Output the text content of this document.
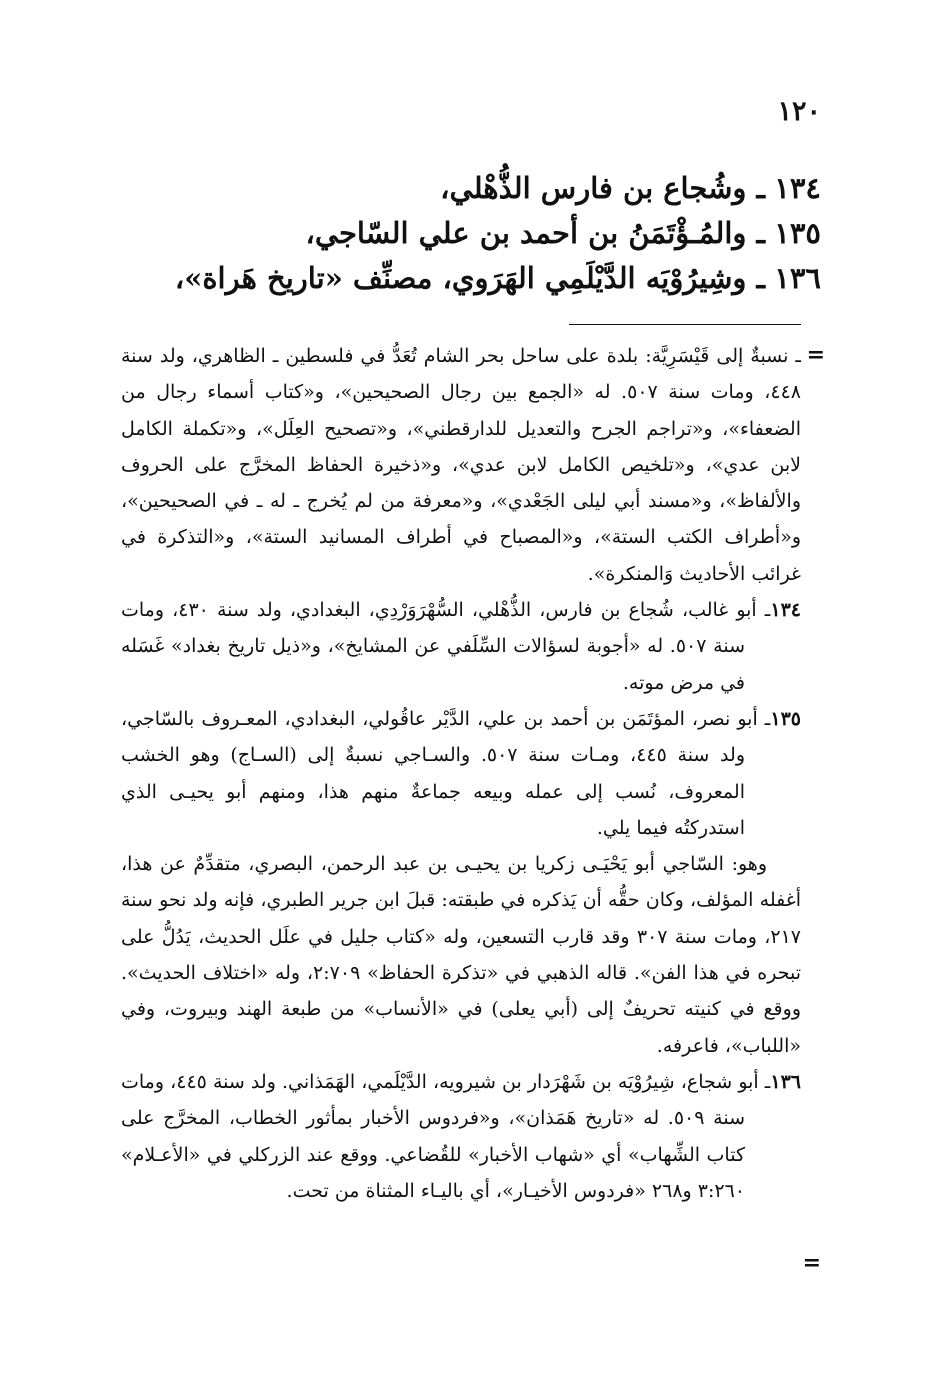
١٢٠
١٣٤ـ وشُجاع بن فارس الذُّهْلي،
١٣٥ـ والمُـؤْتَمَنُ بن أحمد بن علي السّاجي،
١٣٦ـ وشِيرُوْيَه الدَّيْلَمِي الهَرَوي، مصنِّف «تاريخ هَراة»،
=

ـ نسبةٌ إلى قَيْسَرِيَّة: بلدة على ساحل بحر الشام تُعَدُّ في فلسطين ـ الظاهري، ولد سنة ٤٤٨، ومات سنة ٥٠٧. له «الجمع بين رجال الصحيحين»، و«كتاب أسماء رجال من الضعفاء»، و«تراجم الجرح والتعديل للدارقطني»، و«تصحيح العِلَل»، و«تكملة الكامل لابن عدي»، و«تلخيص الكامل لابن عدي»، و«ذخيرة الحفاظ المخرَّج على الحروف والألفاظ»، و«مسند أبي ليلى الجَعْدي»، و«معرفة من لم يُخرج ـ له ـ في الصحيحين»، و«أطراف الكتب الستة»، و«المصباح في أطراف المسانيد الستة»، و«التذكرة في غرائب الأحاديث وَالمنكرة».

١٣٤ـ أبو غالب، شُجاع بن فارس، الذُّهْلي، السُّهْرَوَرْدِي، البغدادي، ولد سنة ٤٣٠، ومات سنة ٥٠٧. له «أجوبة لسؤالات السِّلَفي عن المشايخ»، و«ذيل تاريخ بغداد» غَسَله في مرض موته.

١٣٥ـ أبو نصر، المؤتَمَن بن أحمد بن علي، الدَّيْر عاقُولي، البغدادي، المعـروف بالسّاجي، ولد سنة ٤٤٥، ومـات سنة ٥٠٧. والسـاجي نسبةٌ إلى (السـاج) وهو الخشب المعروف، نُسب إلى عمله وبيعه جماعةٌ منهم هذا، ومنهم أبو يحيـى الذي استدركتُه فيما يلي.

وهو: السّاجي أبو يَحْيَـى زكريا بن يحيـى بن عبد الرحمن، البصري، متقدِّمٌ عن هذا، أغفله المؤلف، وكان حقُّه أن يَذكره في طبقته: قبلَ ابن جرير الطبري، فإنه ولد نحو سنة ٢١٧، ومات سنة ٣٠٧ وقد قارب التسعين، وله «كتاب جليل في علَل الحديث، يَدُلُّ على تبحره في هذا الفن». قاله الذهبي في «تذكرة الحفاظ» ٢:٧٠٩، وله «اختلاف الحديث». ووقع في كنيته تحريفٌ إلى (أبي يعلى) في «الأنساب» من طبعة الهند وبيروت، وفي «اللباب»، فاعرفه.

١٣٦ـ أبو شجاع، شِيرُوْيَه بن شَهْرَدار بن شيرويه، الدَّيْلَمي، الهَمَذاني. ولد سنة ٤٤٥، ومات سنة ٥٠٩. له «تاريخ هَمَذان»، و«فردوس الأخبار بمأثور الخطاب، المخرَّج على كتاب الشِّهاب» أي «شهاب الأخبار» للقُضاعي. ووقع عند الزركلي في «الأعـلام» ٣:٢٦٠ و٢٦٨ «فردوس الأخيـار»، أي باليـاء المثناة من تحت.

=
